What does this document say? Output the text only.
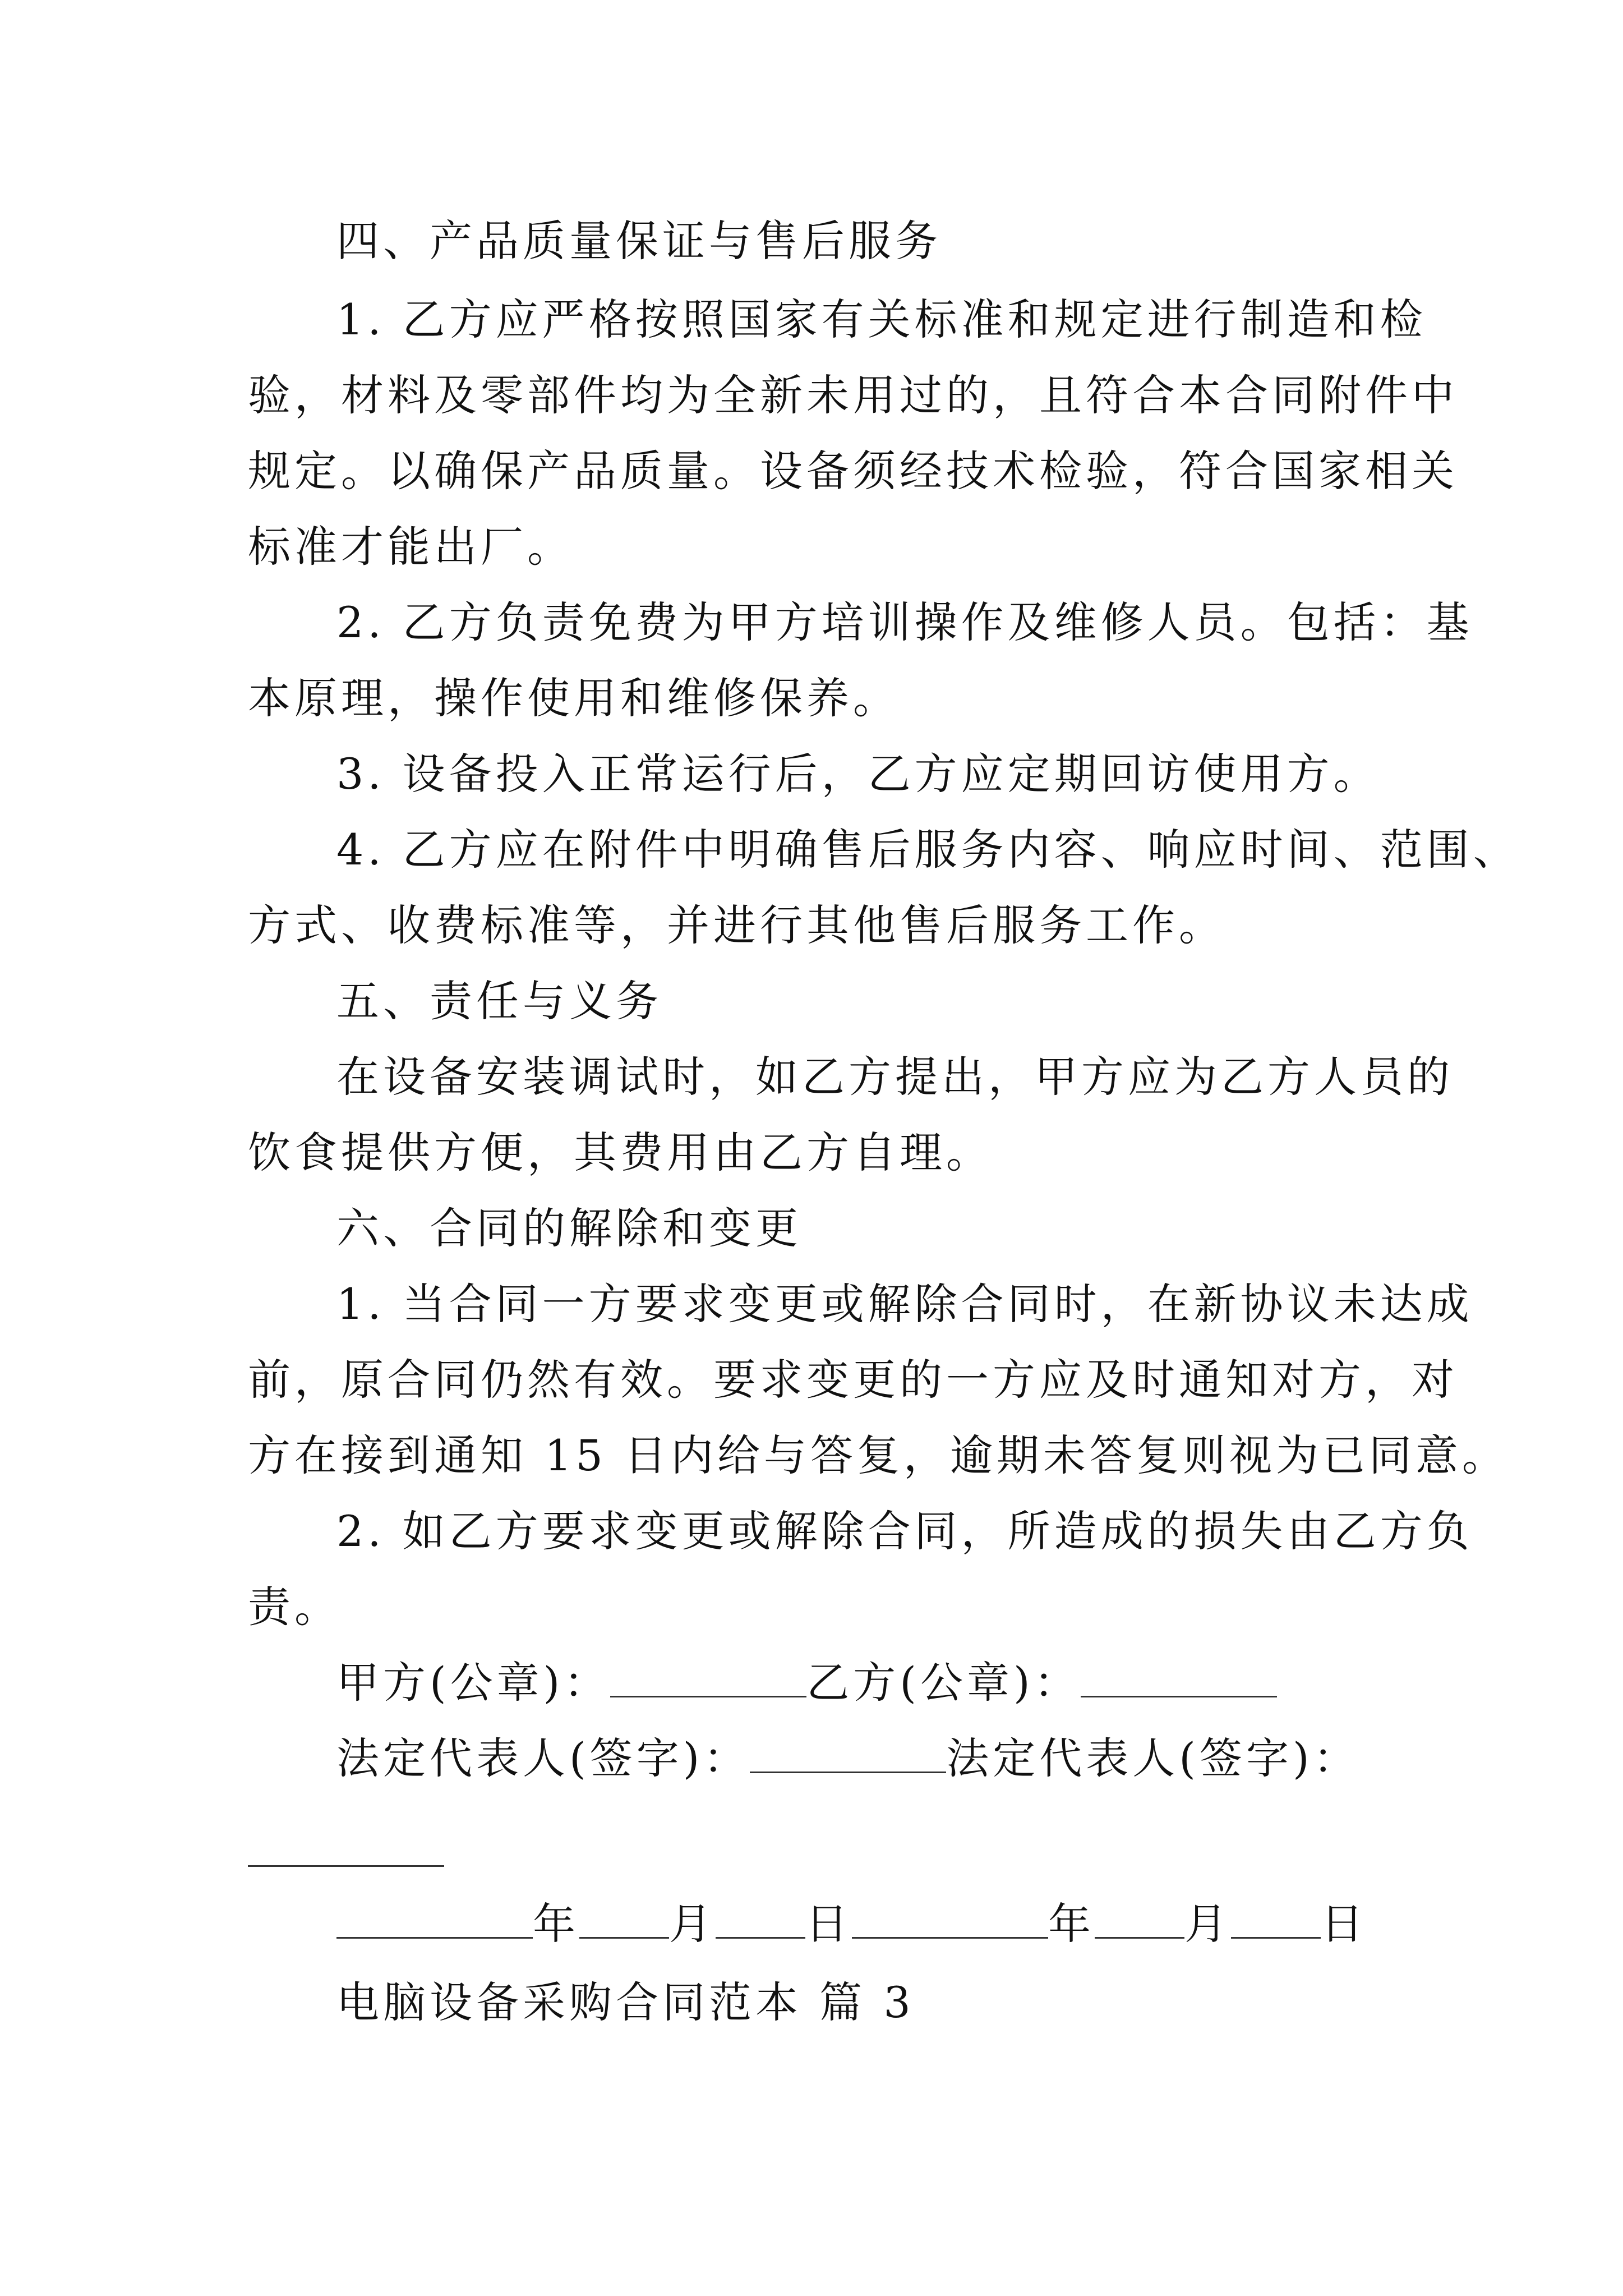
四、产品质量保证与售后服务
1. 乙方应严格按照国家有关标准和规定进行制造和检
验，材料及零部件均为全新未用过的，且符合本合同附件中
规定。以确保产品质量。设备须经技术检验，符合国家相关
标准才能出厂。
2. 乙方负责免费为甲方培训操作及维修人员。包括：基
本原理，操作使用和维修保养。
3. 设备投入正常运行后，乙方应定期回访使用方。
4. 乙方应在附件中明确售后服务内容、响应时间、范围、
方式、收费标准等，并进行其他售后服务工作。
五、责任与义务
在设备安装调试时，如乙方提出，甲方应为乙方人员的
饮食提供方便，其费用由乙方自理。
六、合同的解除和变更
1. 当合同一方要求变更或解除合同时，在新协议未达成
前，原合同仍然有效。要求变更的一方应及时通知对方，对
方在接到通知 15 日内给与答复，逾期未答复则视为已同意。
2. 如乙方要求变更或解除合同，所造成的损失由乙方负
责。
甲方(公章)：	乙方(公章)：
法定代表人(签字)：	法定代表人(签字)：
年 月 日	年 月 日
电脑设备采购合同范本 篇 3
